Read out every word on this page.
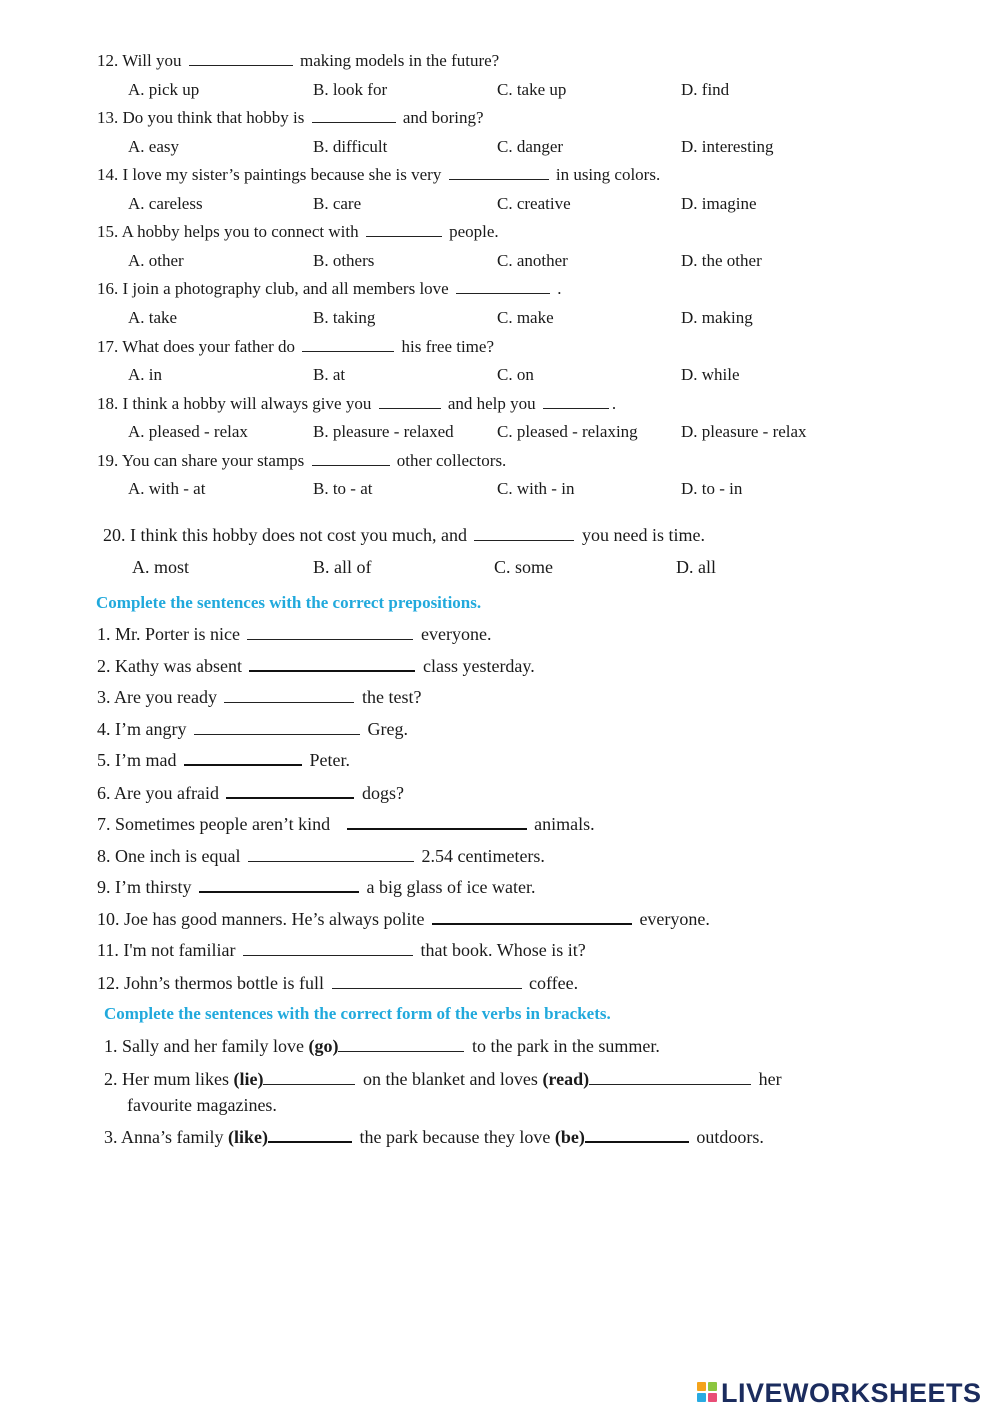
12. Will you	making models in the future?
A. pick up	B. look for	C. take up	D. find
13. Do you think that hobby is	and boring?
A. easy	B. difficult	C. danger	D. interesting
14. I love my sister’s paintings because she is very	in using colors.
A. careless	B. care	C. creative	D. imagine
15. A hobby helps you to connect with	people.
A. other	B. others	C. another	D. the other
16. I join a photography club, and all members love	.
A. take	B. taking	C. make	D. making
17. What does your father do	his free time?
A. in	B. at	C. on	D. while
18. I think a hobby will always give you	and help you	.
A. pleased - relax	B. pleasure - relaxed	C. pleased - relaxing	D. pleasure - relax
19. You can share your stamps	other collectors.
A. with - at	B. to - at	C. with - in	D. to - in
20. I think this hobby does not cost you much, and	you need is time.
A. most	B. all of	C. some	D. all
Complete the sentences with the correct prepositions.
1. Mr. Porter is nice	everyone.
2. Kathy was absent	class yesterday.
3. Are you ready	the test?
4. I’m angry	Greg.
5. I’m mad	Peter.
6. Are you afraid	dogs?
7. Sometimes people aren’t kind	animals.
8. One inch is equal	2.54 centimeters.
9. I’m thirsty	a big glass of ice water.
10. Joe has good manners. He’s always polite	everyone.
11. I'm not familiar	that book. Whose is it?
12. John’s thermos bottle is full	coffee.
Complete the sentences with the correct form of the verbs in brackets.
1. Sally and her family love (go)	to the park in the summer.
2. Her mum likes (lie)	on the blanket and loves (read)	her
favourite magazines.
3. Anna’s family (like)	the park because they love (be)	outdoors.
LIVEWORKSHEETS
